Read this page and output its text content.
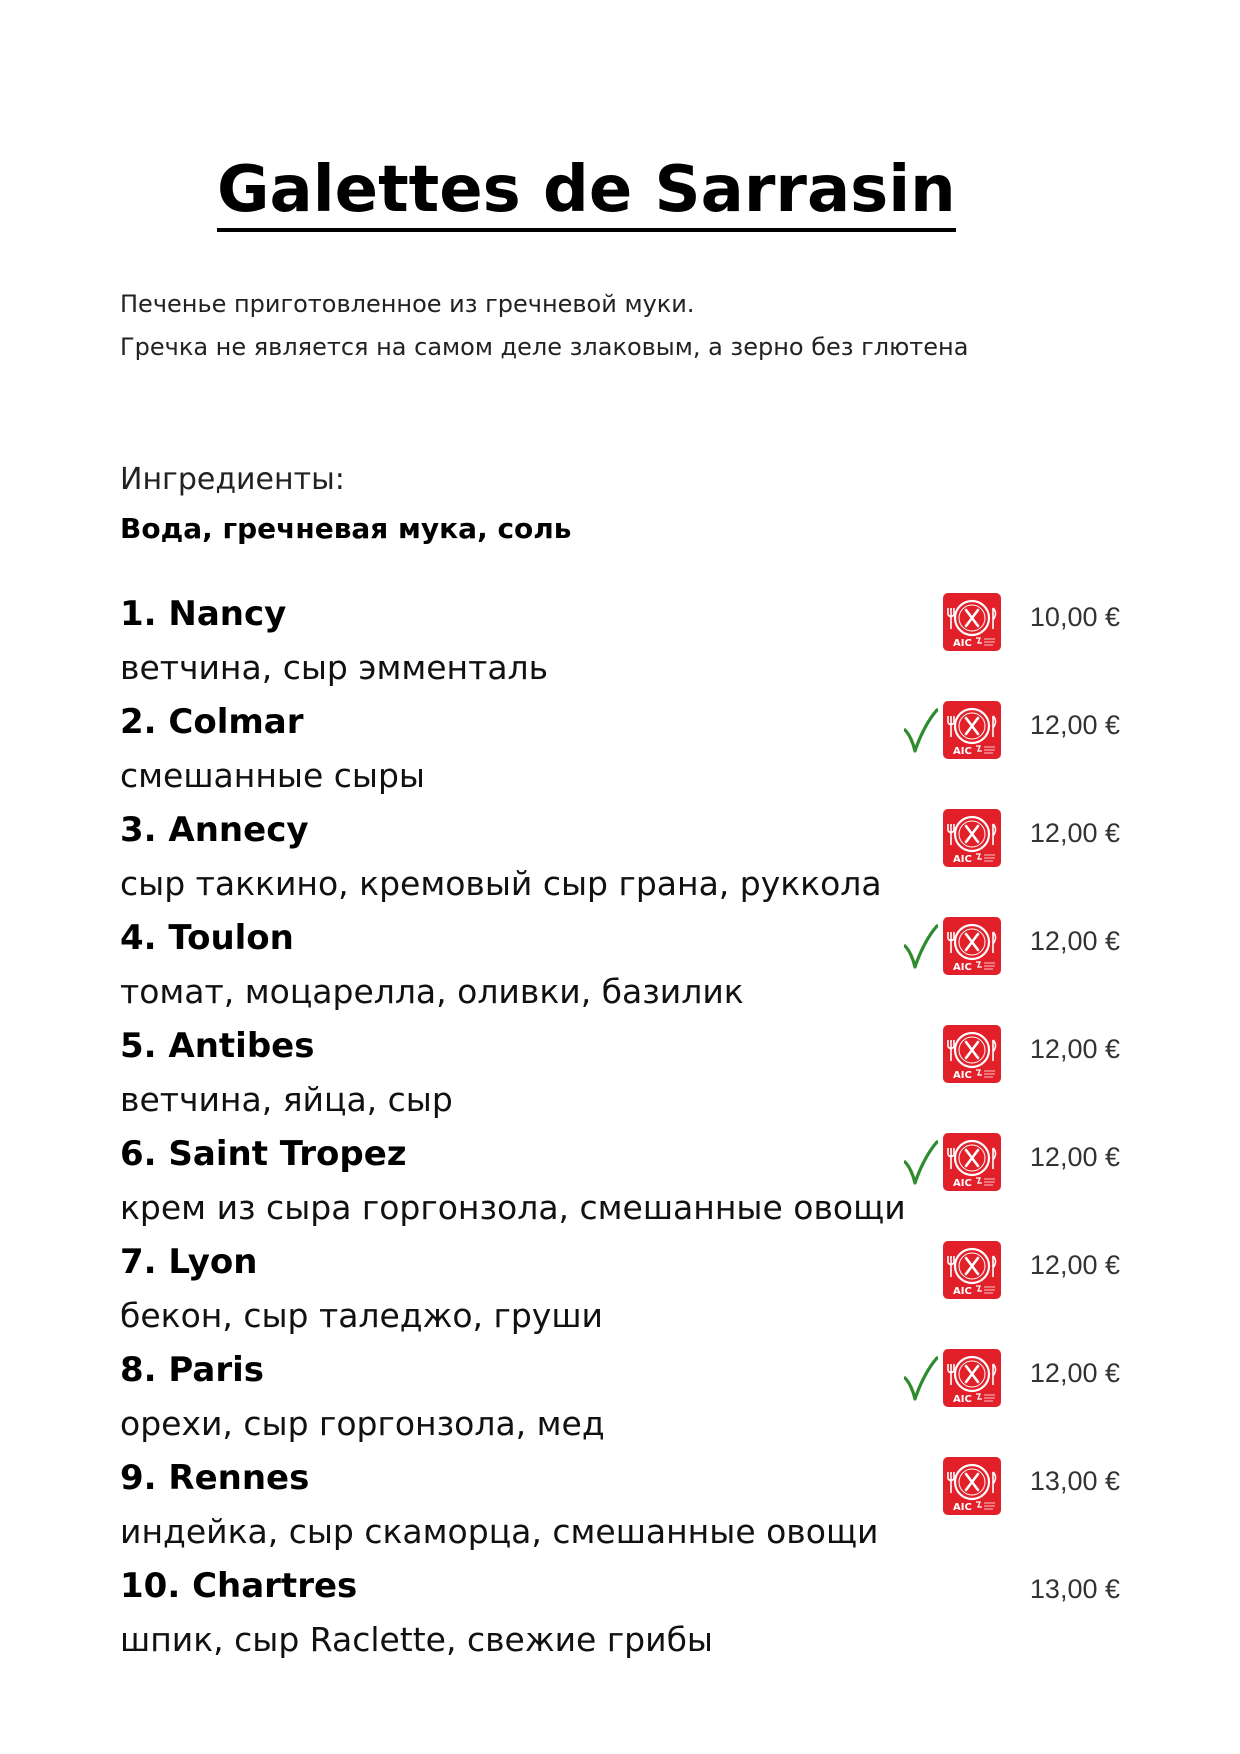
Galettes de Sarrasin

Печенье приготовленное из гречневой муки.

Гречка не является на самом деле злаковым, а зерно без глютена

Ингредиенты:
Вода, гречневая мука, соль
1. Nancy
ветчина, сыр эмменталь
AIC
10,00 €
2. Colmar
смешанные сыры
AIC
12,00 €
3. Annecy
сыр таккино, кремовый сыр грана, руккола
AIC
12,00 €
4. Toulon
томат, моцарелла, оливки, базилик
AIC
12,00 €
5. Antibes
ветчина, яйца, сыр
AIC
12,00 €
6. Saint Tropez
крем из сыра горгонзола, смешанные овощи
AIC
12,00 €
7. Lyon
бекон, сыр таледжо, груши
AIC
12,00 €
8. Paris
орехи, сыр горгонзола, мед
AIC
12,00 €
9. Rennes
индейка, сыр скаморца, смешанные овощи
AIC
13,00 €
10. Chartres
шпик, сыр Raclette, свежие грибы
13,00 €
